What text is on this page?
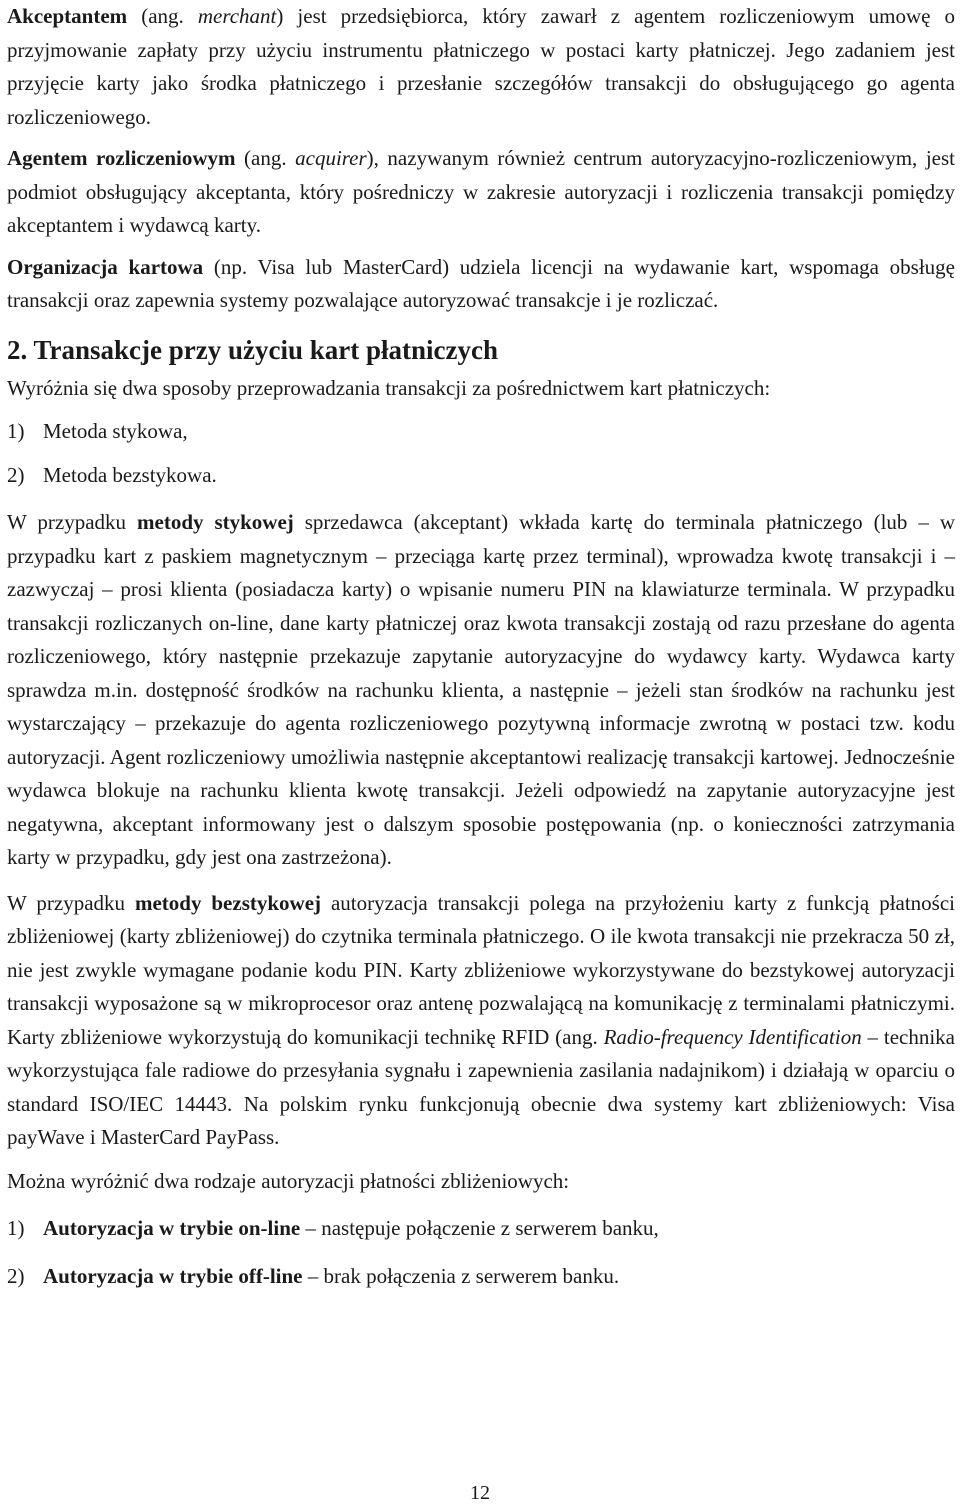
Akceptantem (ang. merchant) jest przedsiębiorca, który zawarł z agentem rozliczeniowym umowę o przyjmowanie zapłaty przy użyciu instrumentu płatniczego w postaci karty płatniczej. Jego zadaniem jest przyjęcie karty jako środka płatniczego i przesłanie szczegółów transakcji do obsługującego go agenta rozliczeniowego.

Agentem rozliczeniowym (ang. acquirer), nazywanym również centrum autoryzacyjno-rozliczeniowym, jest podmiot obsługujący akceptanta, który pośredniczy w zakresie autoryzacji i rozliczenia transakcji pomiędzy akceptantem i wydawcą karty.

Organizacja kartowa (np. Visa lub MasterCard) udziela licencji na wydawanie kart, wspomaga obsługę transakcji oraz zapewnia systemy pozwalające autoryzować transakcje i je rozliczać.

2. Transakcje przy użyciu kart płatniczych

Wyróżnia się dwa sposoby przeprowadzania transakcji za pośrednictwem kart płatniczych:

1) Metoda stykowa,
2) Metoda bezstykowa.

W przypadku metody stykowej sprzedawca (akceptant) wkłada kartę do terminala płatniczego (lub – w przypadku kart z paskiem magnetycznym – przeciąga kartę przez terminal), wprowadza kwotę transakcji i – zazwyczaj – prosi klienta (posiadacza karty) o wpisanie numeru PIN na klawiaturze terminala. W przypadku transakcji rozliczanych on-line, dane karty płatniczej oraz kwota transakcji zostają od razu przesłane do agenta rozliczeniowego, który następnie przekazuje zapytanie autoryzacyjne do wydawcy karty. Wydawca karty sprawdza m.in. dostępność środków na rachunku klienta, a następnie – jeżeli stan środków na rachunku jest wystarczający – przekazuje do agenta rozliczeniowego pozytywną informacje zwrotną w postaci tzw. kodu autoryzacji. Agent rozliczeniowy umożliwia następnie akceptantowi realizację transakcji kartowej. Jednocześnie wydawca blokuje na rachunku klienta kwotę transakcji. Jeżeli odpowiedź na zapytanie autoryzacyjne jest negatywna, akceptant informowany jest o dalszym sposobie postępowania (np. o konieczności zatrzymania karty w przypadku, gdy jest ona zastrzeżona).

W przypadku metody bezstykowej autoryzacja transakcji polega na przyłożeniu karty z funkcją płatności zbliżeniowej (karty zbliżeniowej) do czytnika terminala płatniczego. O ile kwota transakcji nie przekracza 50 zł, nie jest zwykle wymagane podanie kodu PIN. Karty zbliżeniowe wykorzystywane do bezstykowej autoryzacji transakcji wyposażone są w mikroprocesor oraz antenę pozwalającą na komunikację z terminalami płatniczymi. Karty zbliżeniowe wykorzystują do komunikacji technikę RFID (ang. Radio-frequency Identification – technika wykorzystująca fale radiowe do przesyłania sygnału i zapewnienia zasilania nadajnikom) i działają w oparciu o standard ISO/IEC 14443. Na polskim rynku funkcjonują obecnie dwa systemy kart zbliżeniowych: Visa payWave i MasterCard PayPass.

Można wyróżnić dwa rodzaje autoryzacji płatności zbliżeniowych:

1) Autoryzacja w trybie on-line – następuje połączenie z serwerem banku,
2) Autoryzacja w trybie off-line – brak połączenia z serwerem banku.
12
